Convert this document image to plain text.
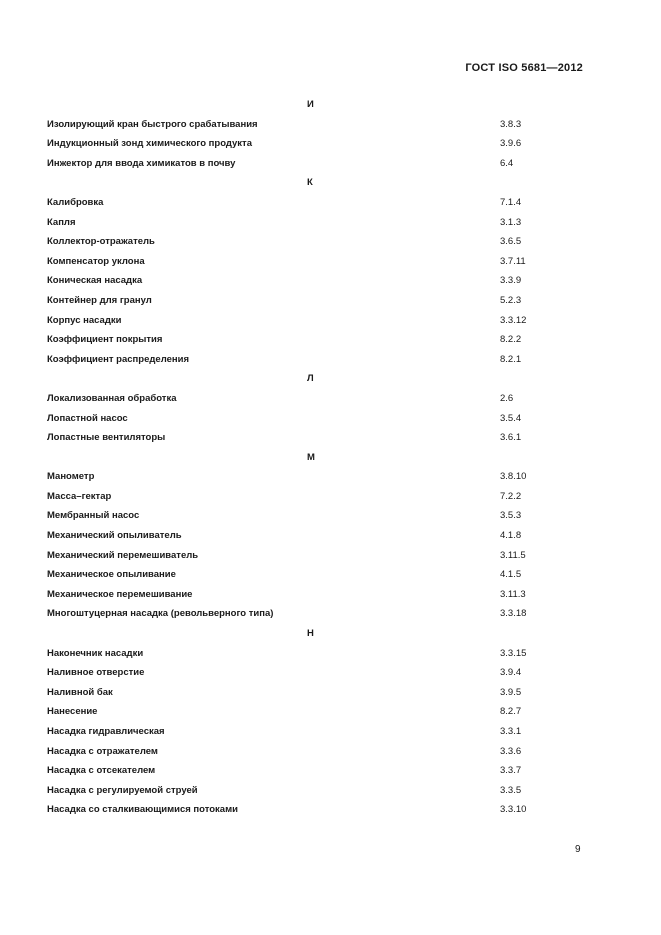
ГОСТ ISO 5681—2012
И
Изолирующий кран быстрого срабатывания	3.8.3
Индукционный зонд химического продукта	3.9.6
Инжектор для ввода химикатов в почву	6.4
К
Калибровка	7.1.4
Капля	3.1.3
Коллектор-отражатель	3.6.5
Компенсатор уклона	3.7.11
Коническая насадка	3.3.9
Контейнер для гранул	5.2.3
Корпус насадки	3.3.12
Коэффициент покрытия	8.2.2
Коэффициент распределения	8.2.1
Л
Локализованная обработка	2.6
Лопастной насос	3.5.4
Лопастные вентиляторы	3.6.1
М
Манометр	3.8.10
Масса–гектар	7.2.2
Мембранный насос	3.5.3
Механический опыливатель	4.1.8
Механический перемешиватель	3.11.5
Механическое опыливание	4.1.5
Механическое перемешивание	3.11.3
Многоштуцерная насадка (револьверного типа)	3.3.18
Н
Наконечник насадки	3.3.15
Наливное отверстие	3.9.4
Наливной бак	3.9.5
Нанесение	8.2.7
Насадка гидравлическая	3.3.1
Насадка с отражателем	3.3.6
Насадка с отсекателем	3.3.7
Насадка с регулируемой струей	3.3.5
Насадка со сталкивающимися потоками	3.3.10
9
